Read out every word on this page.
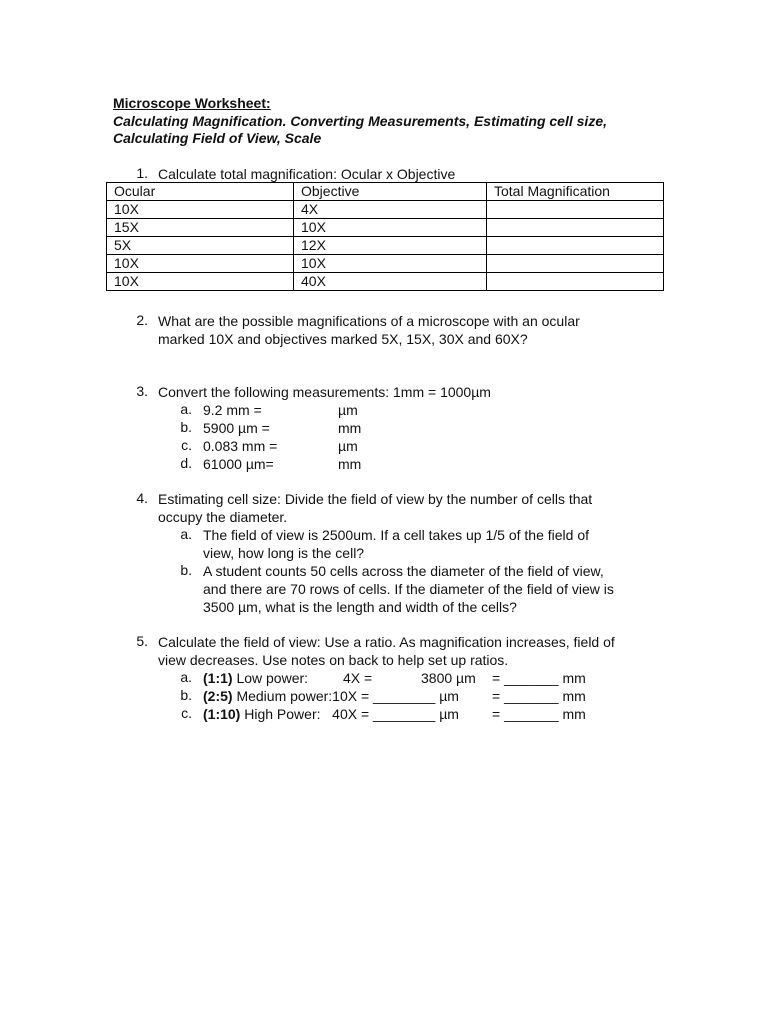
Microscope Worksheet:
Calculating Magnification. Converting Measurements, Estimating cell size,
Calculating Field of View, Scale
1. Calculate total magnification: Ocular x Objective
Ocular	Objective	Total Magnification
10X	4X	
15X	10X	
5X	12X	
10X	10X	
10X	40X	
2. What are the possible magnifications of a microscope with an ocular
marked 10X and objectives marked 5X, 15X, 30X and 60X?
3. Convert the following measurements: 1mm = 1000µm
a. 9.2 mm =	µm
b. 5900 µm =	mm
c. 0.083 mm =	µm
d. 61000 µm=	mm
4. Estimating cell size: Divide the field of view by the number of cells that
occupy the diameter.
a. The field of view is 2500um. If a cell takes up 1/5 of the field of
view, how long is the cell?
b. A student counts 50 cells across the diameter of the field of view,
and there are 70 rows of cells. If the diameter of the field of view is
3500 µm, what is the length and width of the cells?
5. Calculate the field of view: Use a ratio. As magnification increases, field of
view decreases. Use notes on back to help set up ratios.
a. (1:1) Low power: 4X =	3800 µm = _______ mm
b. (2:5) Medium power:10X = ________ µm = _______ mm
c. (1:10) High Power:   40X = ________ µm = _______ mm
